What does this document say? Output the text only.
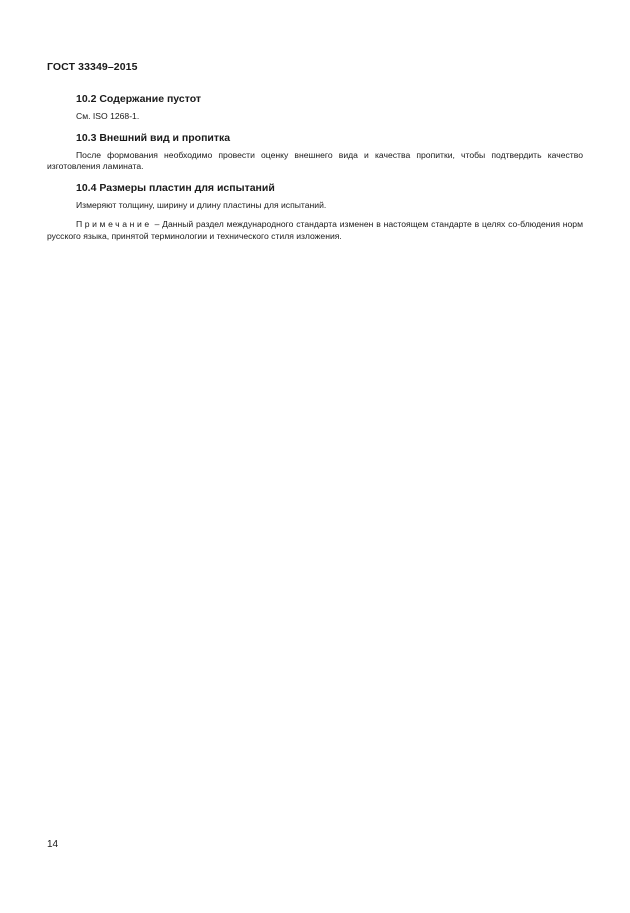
ГОСТ 33349–2015
10.2 Содержание пустот

См. ISO 1268-1.

10.3 Внешний вид и пропитка

После формования необходимо провести оценку внешнего вида и качества пропитки, чтобы подтвердить качество изготовления ламината.

10.4 Размеры пластин для испытаний

Измеряют толщину, ширину и длину пластины для испытаний.

Примечание – Данный раздел международного стандарта изменен в настоящем стандарте в целях со-блюдения норм русского языка, принятой терминологии и технического стиля изложения.

14
